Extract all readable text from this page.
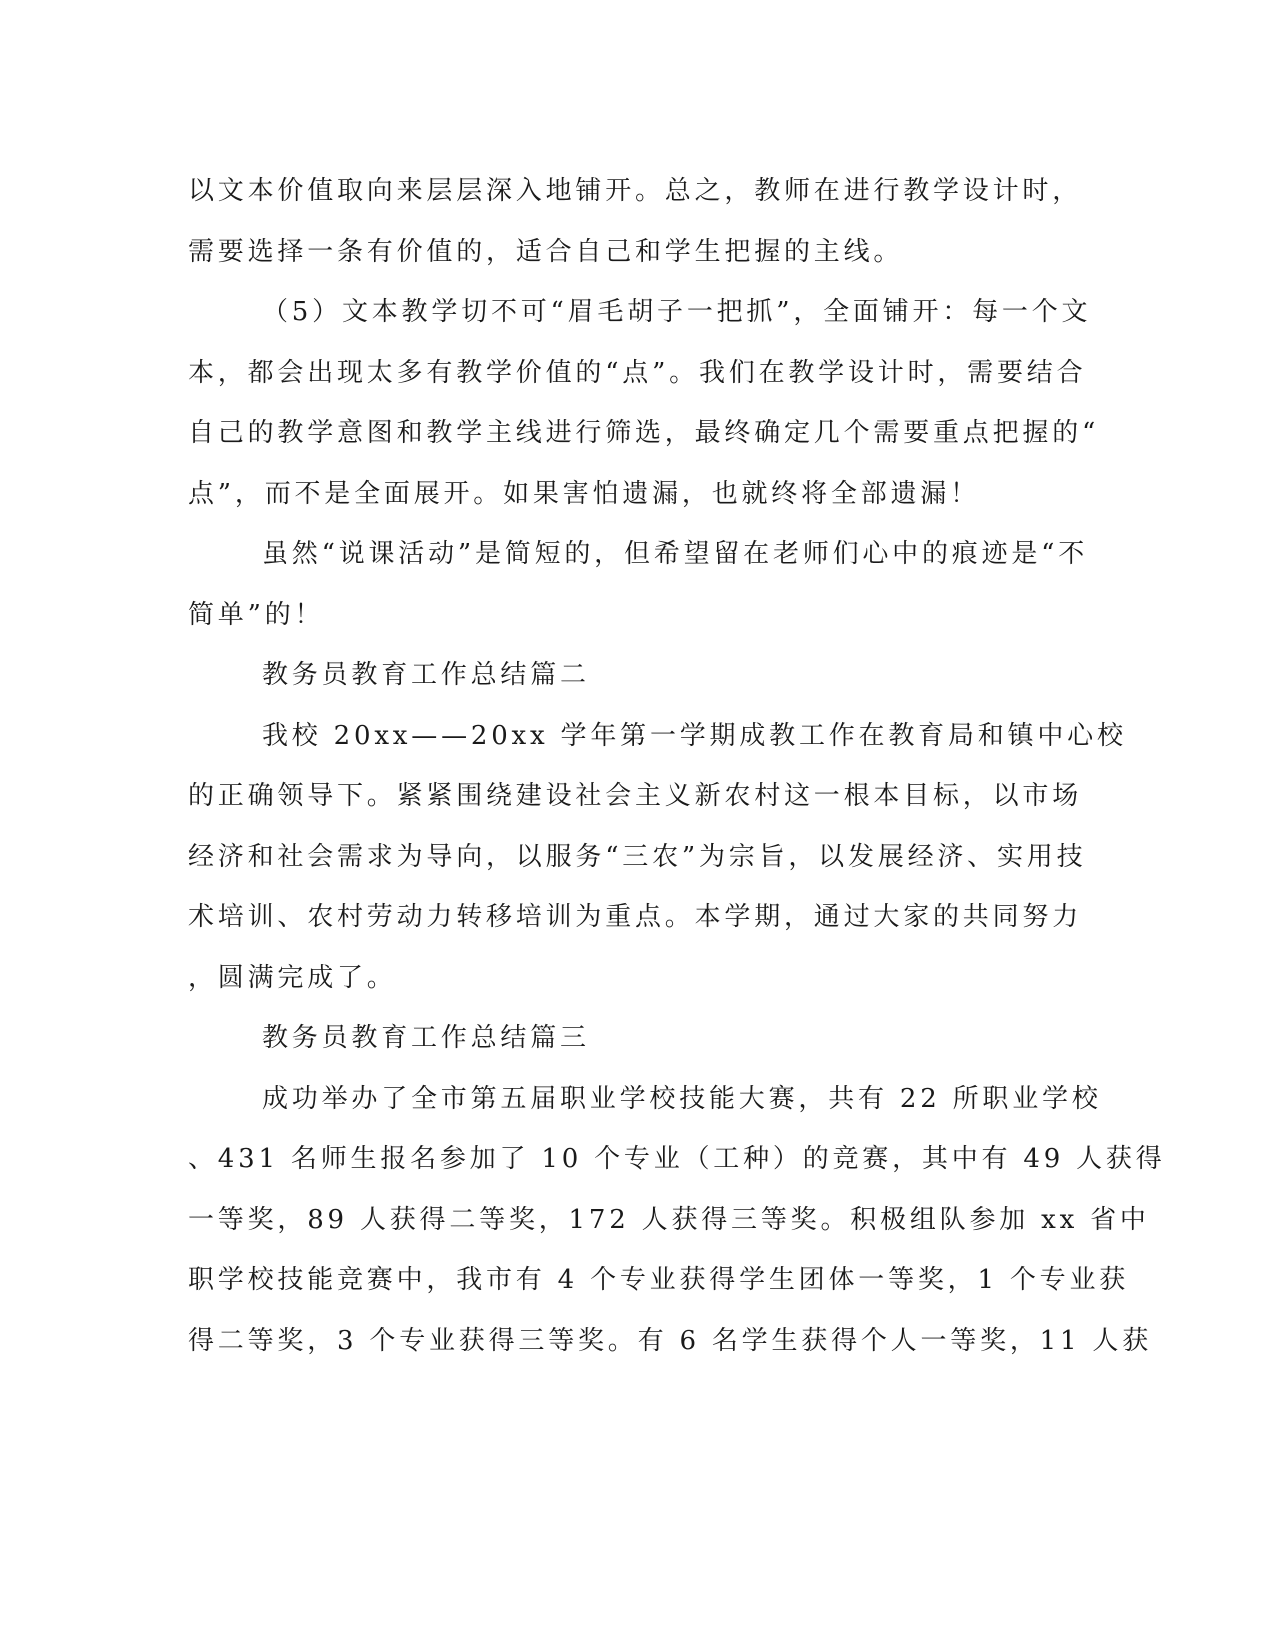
以文本价值取向来层层深入地铺开。总之，教师在进行教学设计时，
需要选择一条有价值的，适合自己和学生把握的主线。
（5）文本教学切不可“眉毛胡子一把抓”，全面铺开：每一个文
本，都会出现太多有教学价值的“点”。我们在教学设计时，需要结合
自己的教学意图和教学主线进行筛选，最终确定几个需要重点把握的“
点”，而不是全面展开。如果害怕遗漏，也就终将全部遗漏！
虽然“说课活动”是简短的，但希望留在老师们心中的痕迹是“不
简单”的！
教务员教育工作总结篇二
我校 20xx——20xx 学年第一学期成教工作在教育局和镇中心校
的正确领导下。紧紧围绕建设社会主义新农村这一根本目标，以市场
经济和社会需求为导向，以服务“三农”为宗旨，以发展经济、实用技
术培训、农村劳动力转移培训为重点。本学期，通过大家的共同努力
，圆满完成了。
教务员教育工作总结篇三
成功举办了全市第五届职业学校技能大赛，共有 22 所职业学校
、431 名师生报名参加了 10 个专业（工种）的竞赛，其中有 49 人获得
一等奖，89 人获得二等奖，172 人获得三等奖。积极组队参加 xx 省中
职学校技能竞赛中，我市有 4 个专业获得学生团体一等奖，1 个专业获
得二等奖，3 个专业获得三等奖。有 6 名学生获得个人一等奖，11 人获
